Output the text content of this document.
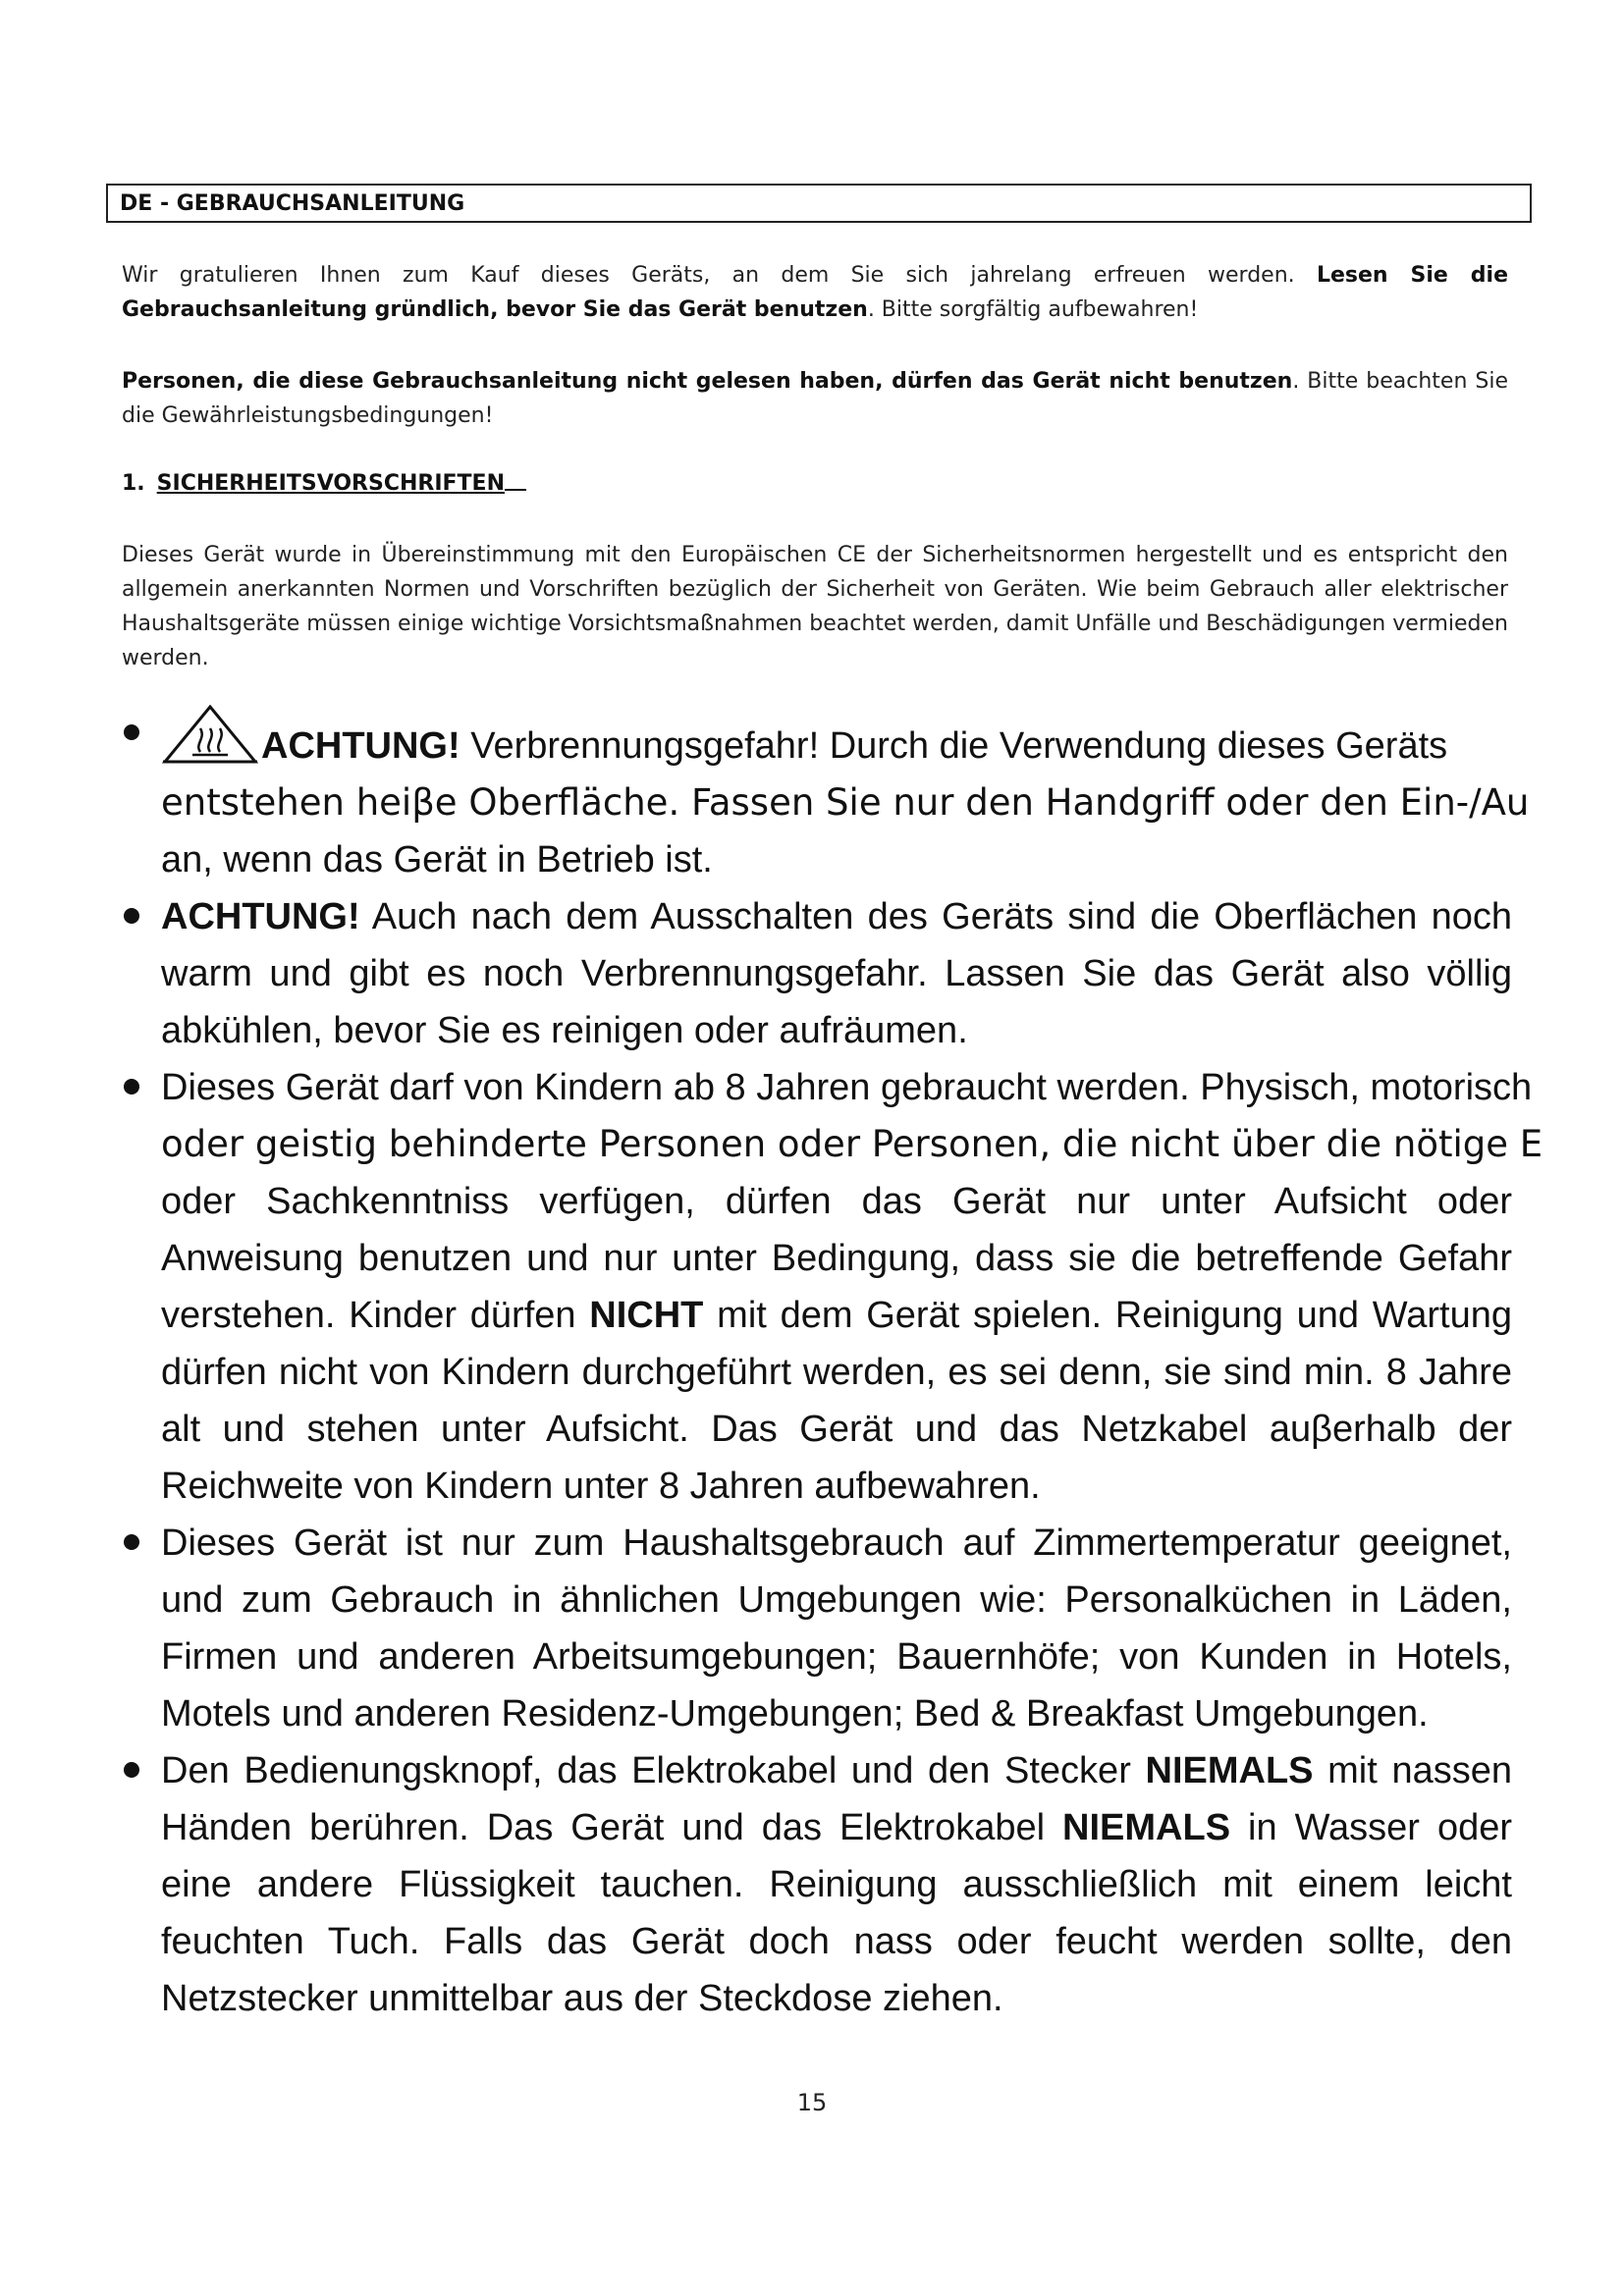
DE - GEBRAUCHSANLEITUNG
Wir gratulieren Ihnen zum Kauf dieses Geräts, an dem Sie sich jahrelang erfreuen werden. Lesen Sie die Gebrauchsanleitung gründlich, bevor Sie das Gerät benutzen. Bitte sorgfältig aufbewahren!
Personen, die diese Gebrauchsanleitung nicht gelesen haben, dürfen das Gerät nicht benutzen. Bitte beachten Sie die Gewährleistungsbedingungen!
1. SICHERHEITSVORSCHRIFTEN
Dieses Gerät wurde in Übereinstimmung mit den Europäischen CE der Sicherheitsnormen hergestellt und es entspricht den allgemein anerkannten Normen und Vorschriften bezüglich der Sicherheit von Geräten. Wie beim Gebrauch aller elektrischer Haushaltsgeräte müssen einige wichtige Vorsichtsmaßnahmen beachtet werden, damit Unfälle und Beschädigungen vermieden werden.
ACHTUNG! Verbrennungsgefahr! Durch die Verwendung dieses Geräts
entstehen heiβe Oberfläche. Fassen Sie nur den Handgriff oder den Ein-/Au
an, wenn das Gerät in Betrieb ist.
ACHTUNG! Auch nach dem Ausschalten des Geräts sind die Oberflächen noch warm und gibt es noch Verbrennungsgefahr. Lassen Sie das Gerät also völlig abkühlen, bevor Sie es reinigen oder aufräumen.
Dieses Gerät darf von Kindern ab 8 Jahren gebraucht werden. Physisch, motorisch
oder geistig behinderte Personen oder Personen, die nicht über die nötige E
oder Sachkenntniss verfügen, dürfen das Gerät nur unter Aufsicht oder Anweisung benutzen und nur unter Bedingung, dass sie die betreffende Gefahr verstehen. Kinder dürfen NICHT mit dem Gerät spielen. Reinigung und Wartung dürfen nicht von Kindern durchgeführt werden, es sei denn, sie sind min. 8 Jahre alt und stehen unter Aufsicht. Das Gerät und das Netzkabel auβerhalb der Reichweite von Kindern unter 8 Jahren aufbewahren.
Dieses Gerät ist nur zum Haushaltsgebrauch auf Zimmertemperatur geeignet, und zum Gebrauch in ähnlichen Umgebungen wie: Personalküchen in Läden, Firmen und anderen Arbeitsumgebungen; Bauernhöfe; von Kunden in Hotels, Motels und anderen Residenz-Umgebungen; Bed & Breakfast Umgebungen.
Den Bedienungsknopf, das Elektrokabel und den Stecker NIEMALS mit nassen Händen berühren. Das Gerät und das Elektrokabel NIEMALS in Wasser oder eine andere Flüssigkeit tauchen. Reinigung ausschließlich mit einem leicht feuchten Tuch. Falls das Gerät doch nass oder feucht werden sollte, den Netzstecker unmittelbar aus der Steckdose ziehen.
15
